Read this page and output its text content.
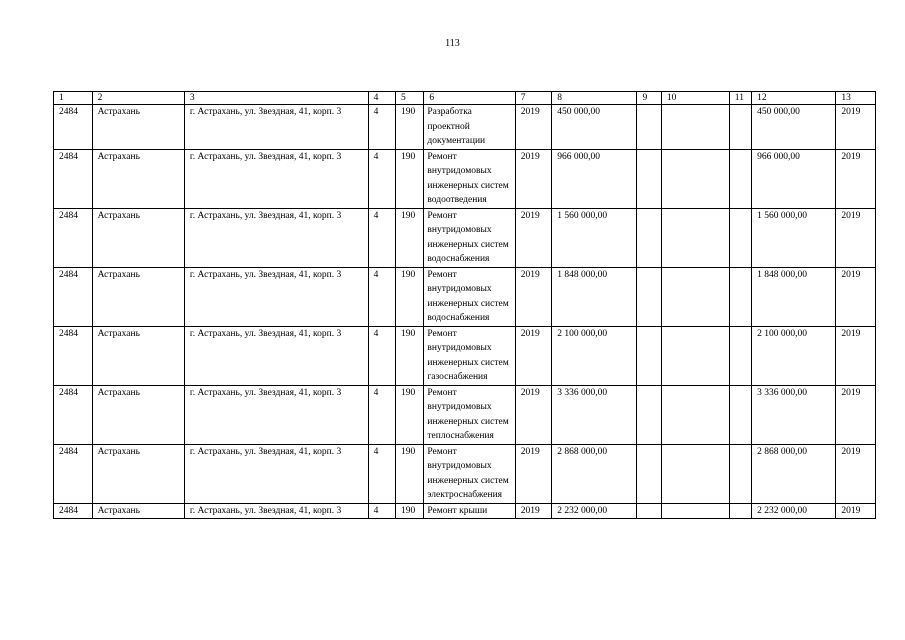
113
1	2	3	4	5	6	7	8	9	10	11	12	13
2484	Астрахань	г. Астрахань, ул. Звездная, 41, корп. 3	4	190	Разработка проектной документации	2019	450 000,00				450 000,00	2019
2484	Астрахань	г. Астрахань, ул. Звездная, 41, корп. 3	4	190	Ремонт внутридомовых инженерных систем водоотведения	2019	966 000,00				966 000,00	2019
2484	Астрахань	г. Астрахань, ул. Звездная, 41, корп. 3	4	190	Ремонт внутридомовых инженерных систем водоснабжения	2019	1 560 000,00				1 560 000,00	2019
2484	Астрахань	г. Астрахань, ул. Звездная, 41, корп. 3	4	190	Ремонт внутридомовых инженерных систем водоснабжения	2019	1 848 000,00				1 848 000,00	2019
2484	Астрахань	г. Астрахань, ул. Звездная, 41, корп. 3	4	190	Ремонт внутридомовых инженерных систем газоснабжения	2019	2 100 000,00				2 100 000,00	2019
2484	Астрахань	г. Астрахань, ул. Звездная, 41, корп. 3	4	190	Ремонт внутридомовых инженерных систем теплоснабжения	2019	3 336 000,00				3 336 000,00	2019
2484	Астрахань	г. Астрахань, ул. Звездная, 41, корп. 3	4	190	Ремонт внутридомовых инженерных систем электроснабжения	2019	2 868 000,00				2 868 000,00	2019
2484	Астрахань	г. Астрахань, ул. Звездная, 41, корп. 3	4	190	Ремонт крыши	2019	2 232 000,00				2 232 000,00	2019
